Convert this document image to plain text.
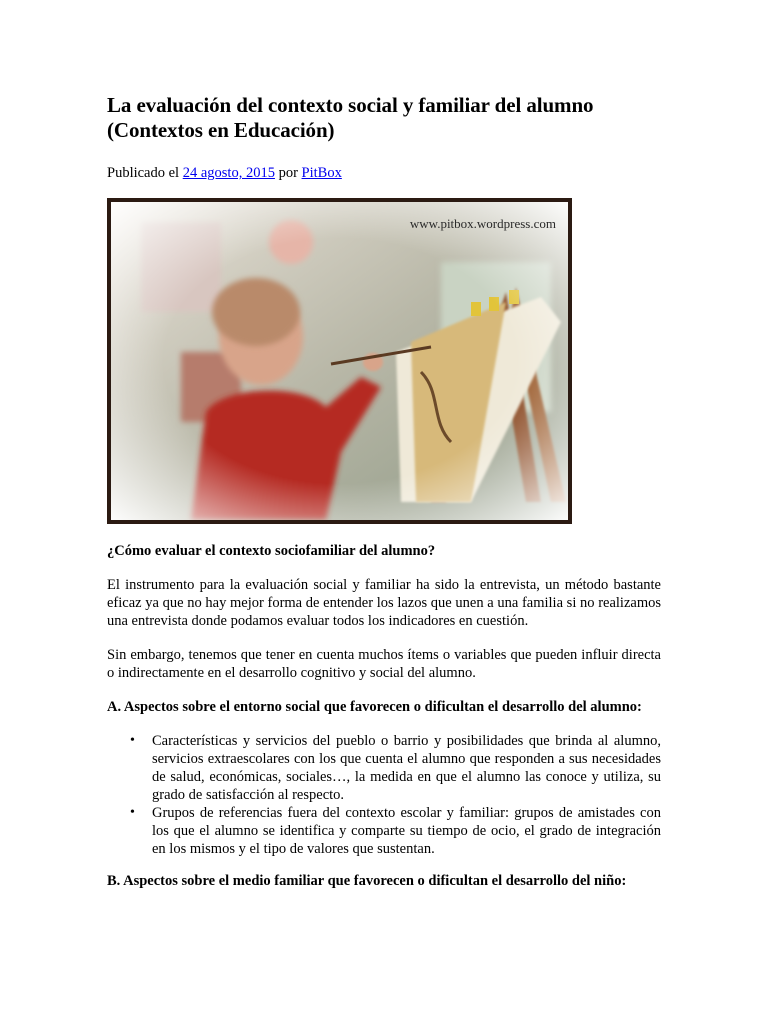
La evaluación del contexto social y familiar del alumno
(Contextos en Educación)
Publicado el 24 agosto, 2015 por PitBox
www.pitbox.wordpress.com
¿Cómo evaluar el contexto sociofamiliar del alumno?

El instrumento para la evaluación social y familiar ha sido la entrevista, un método bastante eficaz ya que no hay mejor forma de entender los lazos que unen a una familia si no realizamos una entrevista donde podamos evaluar todos los indicadores en cuestión.

Sin embargo, tenemos que tener en cuenta muchos ítems o variables que pueden influir directa o indirectamente en el desarrollo cognitivo y social del alumno.

A. Aspectos sobre el entorno social que favorecen o dificultan el desarrollo del alumno:
• Características y servicios del pueblo o barrio y posibilidades que brinda al alumno, servicios extraescolares con los que cuenta el alumno que responden a sus necesidades de salud, económicas, sociales…, la medida en que el alumno las conoce y utiliza, su grado de satisfacción al respecto.
• Grupos de referencias fuera del contexto escolar y familiar: grupos de amistades con los que el alumno se identifica y comparte su tiempo de ocio, el grado de integración en los mismos y el tipo de valores que sustentan.
B. Aspectos sobre el medio familiar que favorecen o dificultan el desarrollo del niño:
